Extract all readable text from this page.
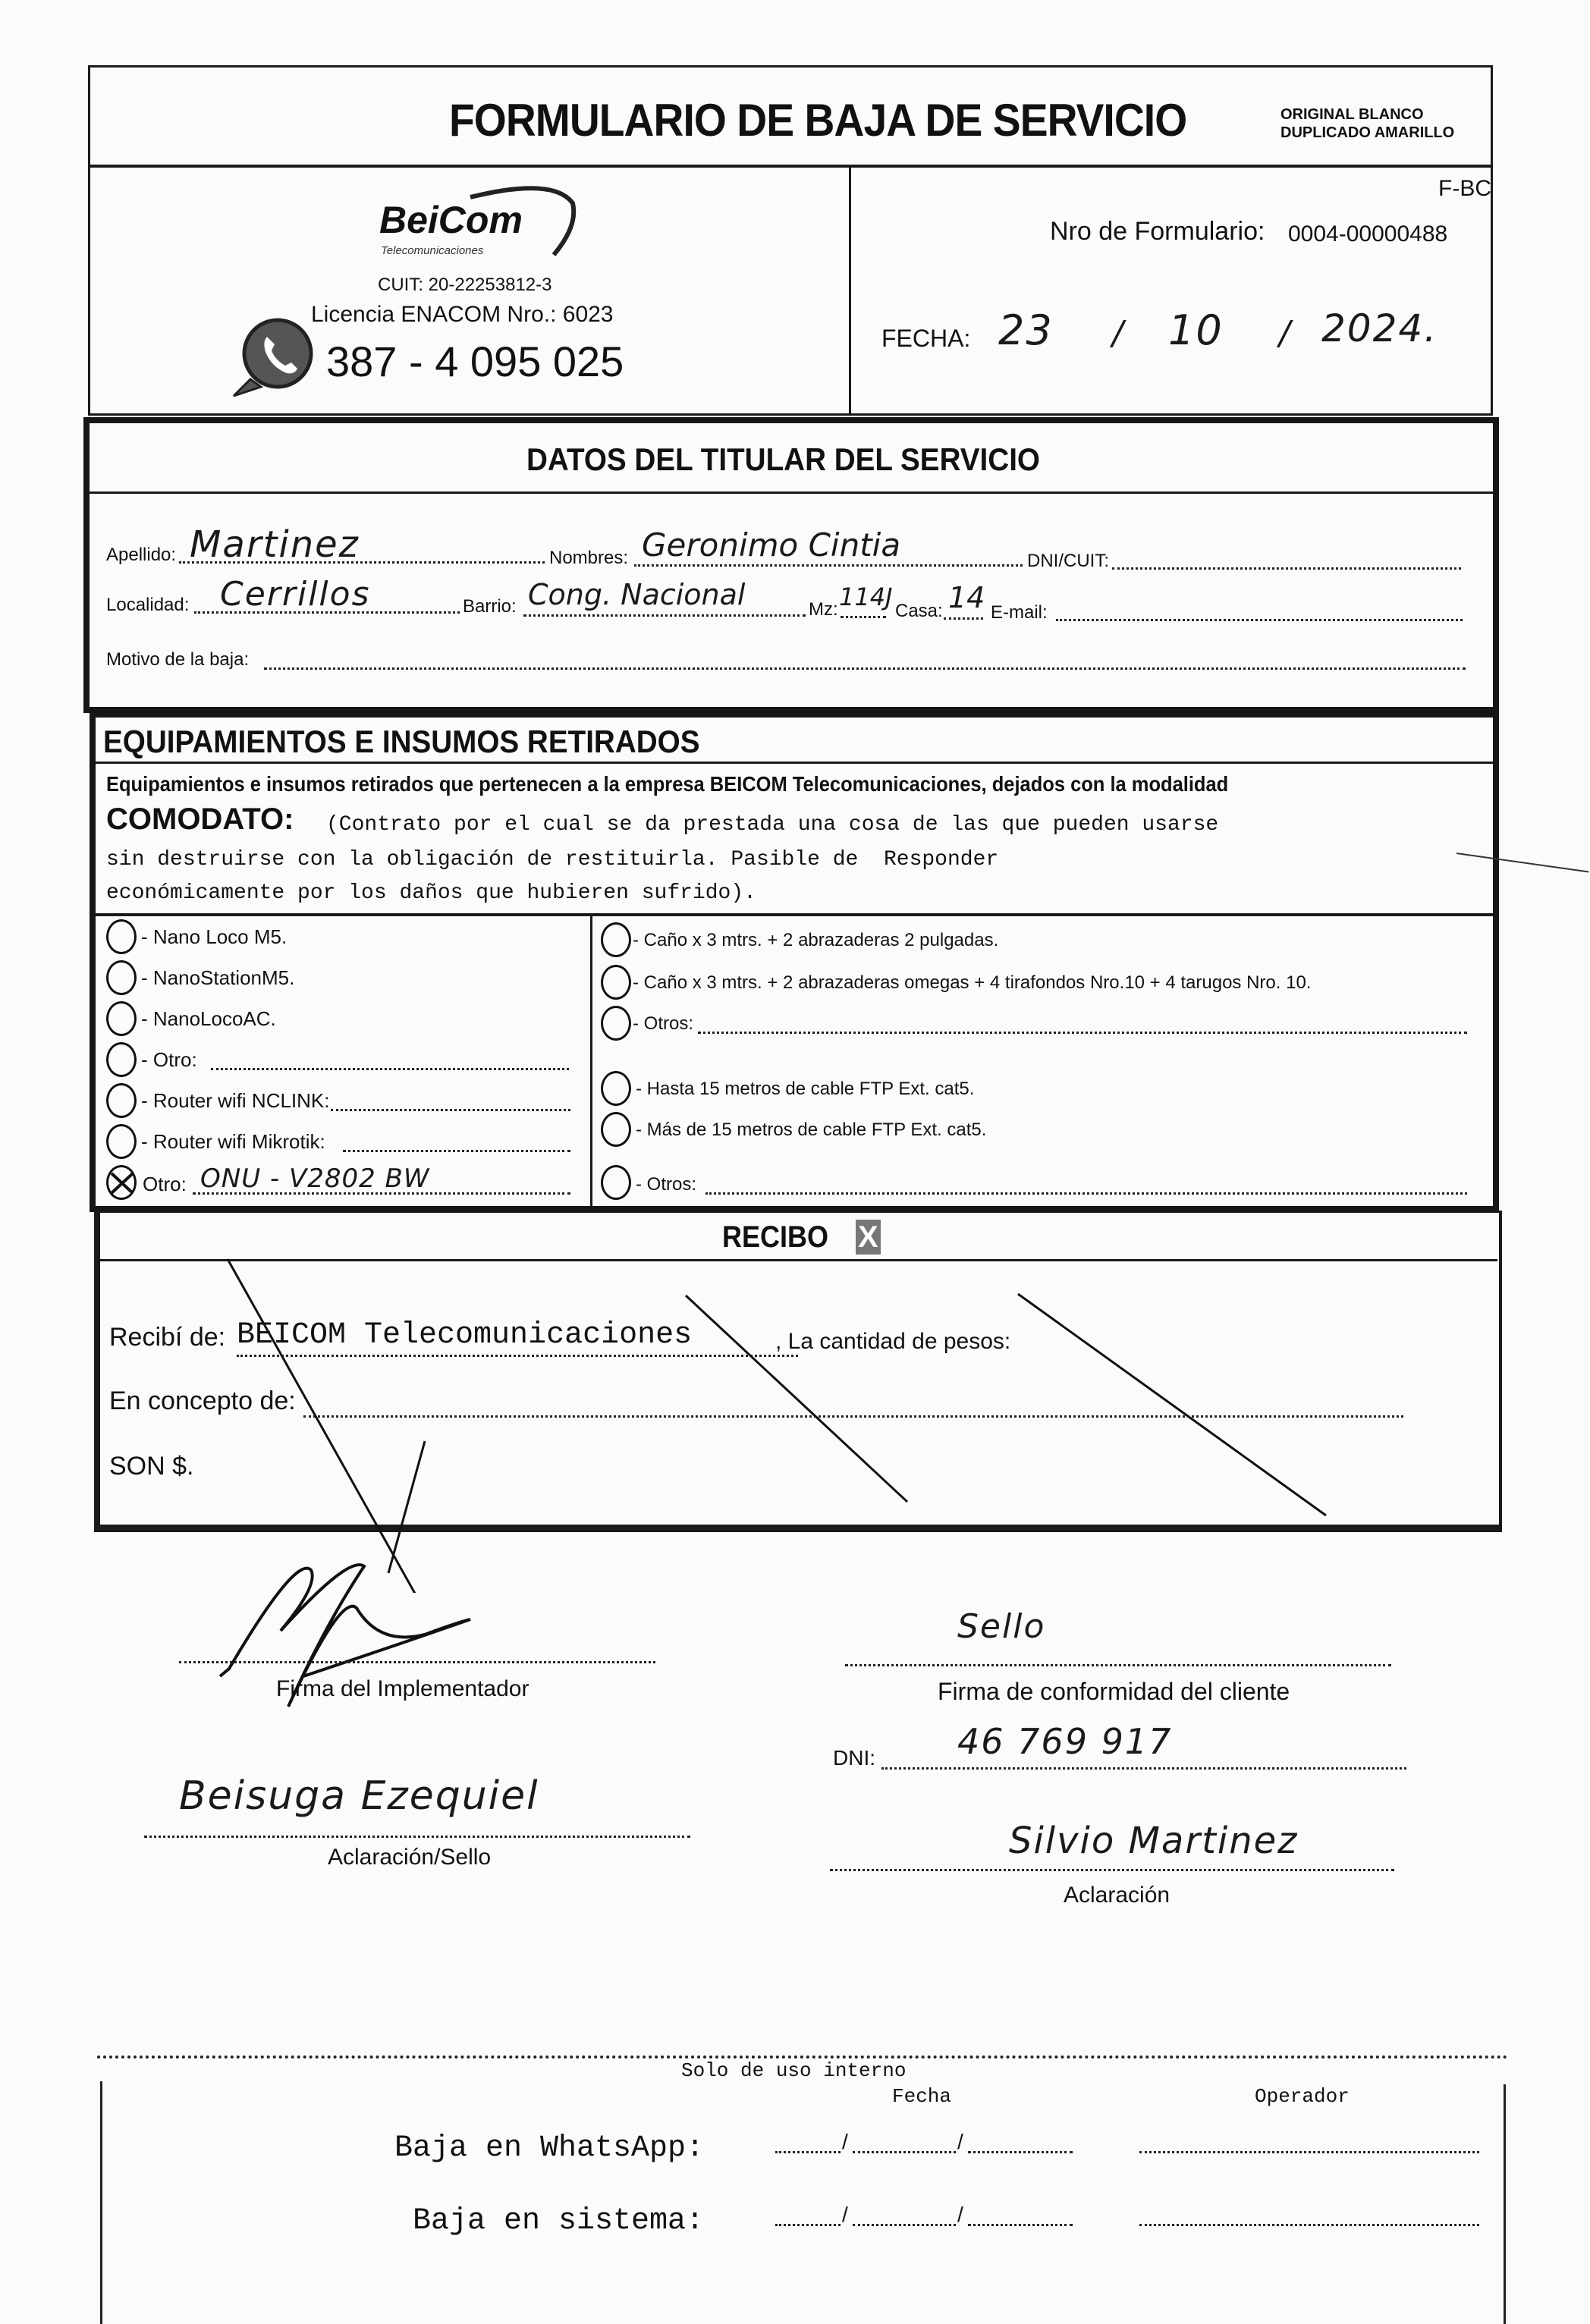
FORMULARIO DE BAJA DE SERVICIO	ORIGINAL BLANCO
DUPLICADO AMARILLO
BeiCom
Telecomunicaciones
CUIT: 20-22253812-3
Licencia ENACOM Nro.: 6023
387 - 4 095 025
F-BC
Nro de Formulario: 0004-00000488
FECHA: 23 / 10 / 2024.
DATOS DEL TITULAR DEL SERVICIO
Apellido: Martinez	Nombres: Geronimo Cintia	DNI/CUIT:
Localidad: Cerrillos	Barrio: Cong. Nacional	Mz: 114J Casa: 14 E-mail:
Motivo de la baja:
EQUIPAMIENTOS E INSUMOS RETIRADOS
Equipamientos e insumos retirados que pertenecen a la empresa BEICOM Telecomunicaciones, dejados con la modalidad
COMODATO: (Contrato por el cual se da prestada una cosa de las que pueden usarse
sin destruirse con la obligación de restituirla. Pasible de  Responder
económicamente por los daños que hubieren sufrido).
- Nano Loco M5.
- NanoStationM5.
- NanoLocoAC.
- Otro:
- Router wifi NCLINK:
- Router wifi Mikrotik:
Otro: ONU - V2802 BW
- Caño x 3 mtrs. + 2 abrazaderas 2 pulgadas.
- Caño x 3 mtrs. + 2 abrazaderas omegas + 4 tirafondos Nro.10 + 4 tarugos Nro. 10.
- Otros:
- Hasta 15 metros de cable FTP Ext. cat5.
- Más de 15 metros de cable FTP Ext. cat5.
- Otros:
RECIBO X
Recibí de: BEICOM Telecomunicaciones	, La cantidad de pesos:
En concepto de:
SON $.
Firma del Implementador
Beisuga Ezequiel
Aclaración/Sello
Sello
Firma de conformidad del cliente
DNI: 46 769 917
Silvio Martinez
Aclaración
Solo de uso interno
Fecha	Operador
Baja en WhatsApp:	/	/
Baja en sistema:	/	/
